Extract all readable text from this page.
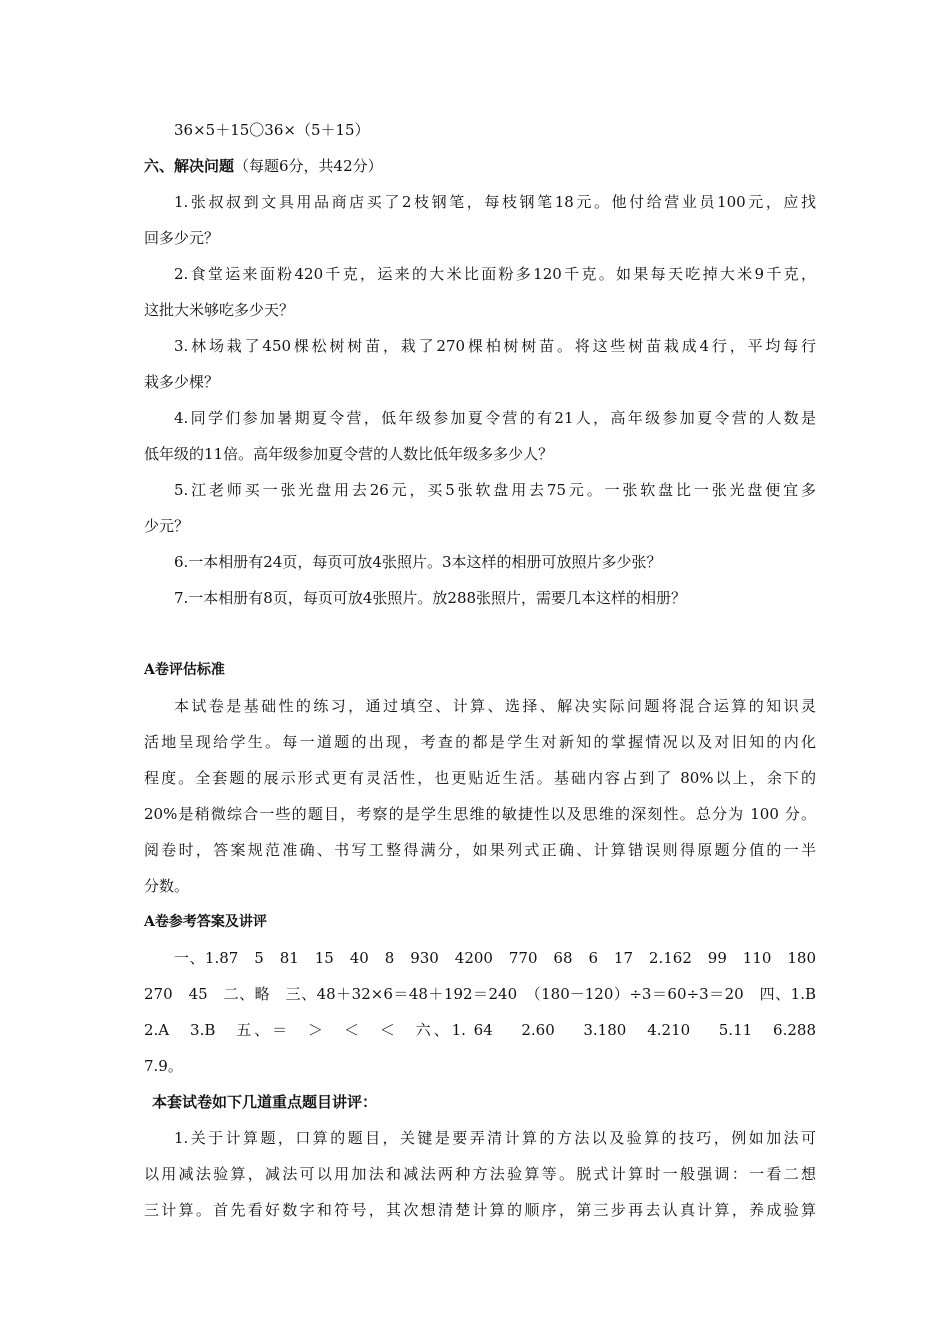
36×5＋15〇36×（5＋15）
六、解决问题（每题6分，共42分）
1.张叔叔到文具用品商店买了2枝钢笔，每枝钢笔18元。他付给营业员100元，应找
回多少元？
2.食堂运来面粉420千克，运来的大米比面粉多120千克。如果每天吃掉大米9千克，
这批大米够吃多少天？
3.林场栽了450棵松树树苗，栽了270棵柏树树苗。将这些树苗栽成4行，平均每行
栽多少棵？
4.同学们参加暑期夏令营，低年级参加夏令营的有21人，高年级参加夏令营的人数是
低年级的11倍。高年级参加夏令营的人数比低年级多多少人？
5.江老师买一张光盘用去26元，买5张软盘用去75元。一张软盘比一张光盘便宜多
少元？
6.一本相册有24页，每页可放4张照片。3本这样的相册可放照片多少张？
7.一本相册有8页，每页可放4张照片。放288张照片，需要几本这样的相册？
A卷评估标准
本试卷是基础性的练习，通过填空、计算、选择、解决实际问题将混合运算的知识灵
活地呈现给学生。每一道题的出现，考查的都是学生对新知的掌握情况以及对旧知的内化
程度。全套题的展示形式更有灵活性，也更贴近生活。基础内容占到了 80%以上，余下的
20%是稍微综合一些的题目，考察的是学生思维的敏捷性以及思维的深刻性。总分为 100 分。
阅卷时，答案规范准确、书写工整得满分，如果列式正确、计算错误则得原题分值的一半
分数。
A卷参考答案及讲评
一、1.87　5　81　15　40　8　930　4200　770　68　6　17　2.162　99　110　180
270　45　二、略　三、48＋32×6＝48＋192＝240　（180－120）÷3＝60÷3＝20　四、1.B
2.A　3.B　五、＝　＞　＜　＜　六、1. 64　 2.60　 3.180　4.210　 5.11　6.288
7.9。
本套试卷如下几道重点题目讲评：
1.关于计算题，口算的题目，关键是要弄清计算的方法以及验算的技巧，例如加法可
以用减法验算，减法可以用加法和减法两种方法验算等。脱式计算时一般强调：一看二想
三计算。首先看好数字和符号，其次想清楚计算的顺序，第三步再去认真计算，养成验算
